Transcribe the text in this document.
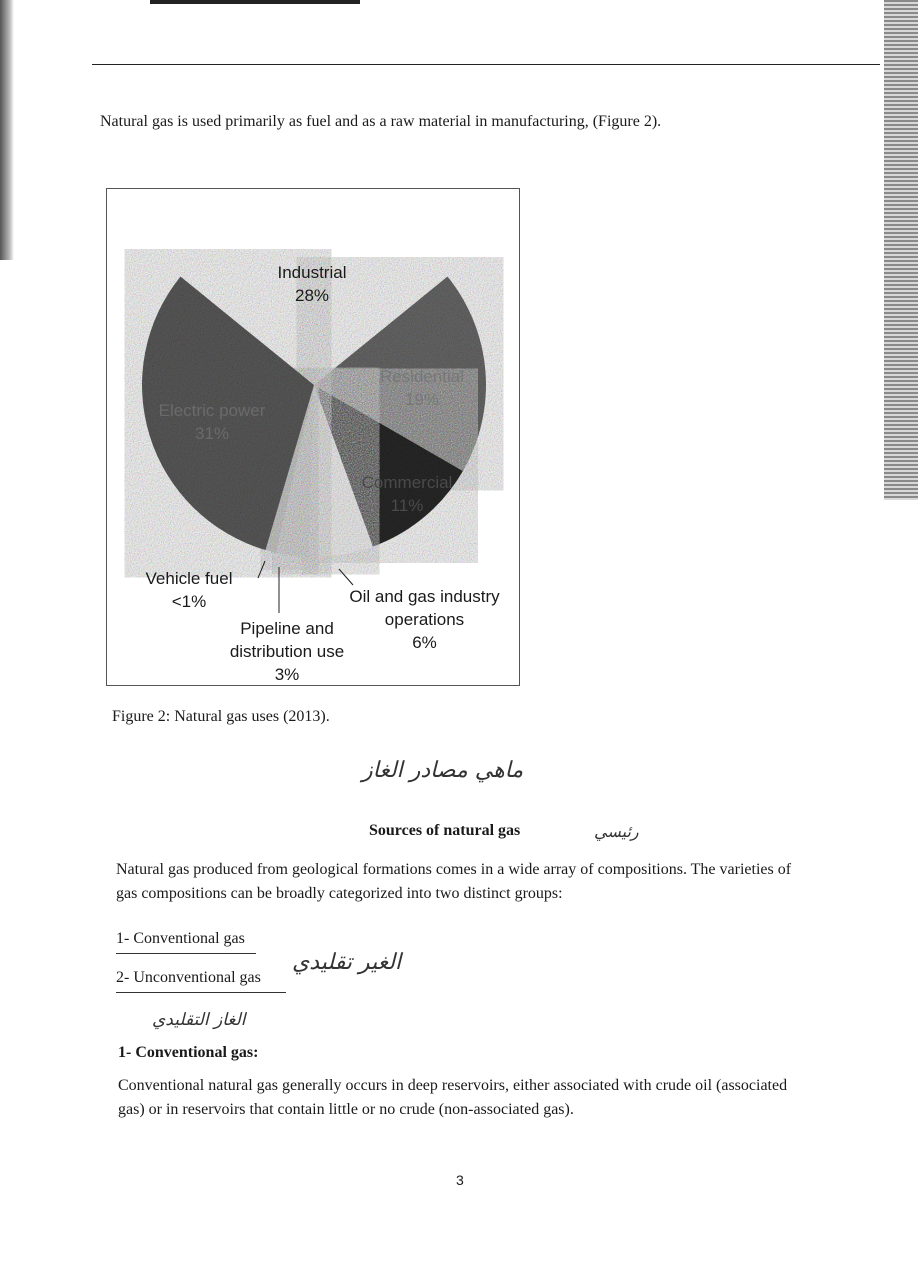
Natural gas is used primarily as fuel and as a raw material in manufacturing, (Figure 2).
Industrial
28%
Residential
19%
Electric power
31%
Commercial
11%
Vehicle fuel
<1%	Oil and gas industry
operations
6%
Pipeline and
distribution use
3%
Figure 2: Natural gas uses (2013).
ماهي مصادر الغاز
Sources of natural gas	رئيسي
Natural gas produced from geological formations comes in a wide array of compositions. The varieties of gas compositions can be broadly categorized into two distinct groups:
1- Conventional gas
2- Unconventional gas
الغير تقليدي
الغاز التقليدي
1- Conventional gas:
Conventional natural gas generally occurs in deep reservoirs, either associated with crude oil (associated gas) or in reservoirs that contain little or no crude (non-associated gas).
3
